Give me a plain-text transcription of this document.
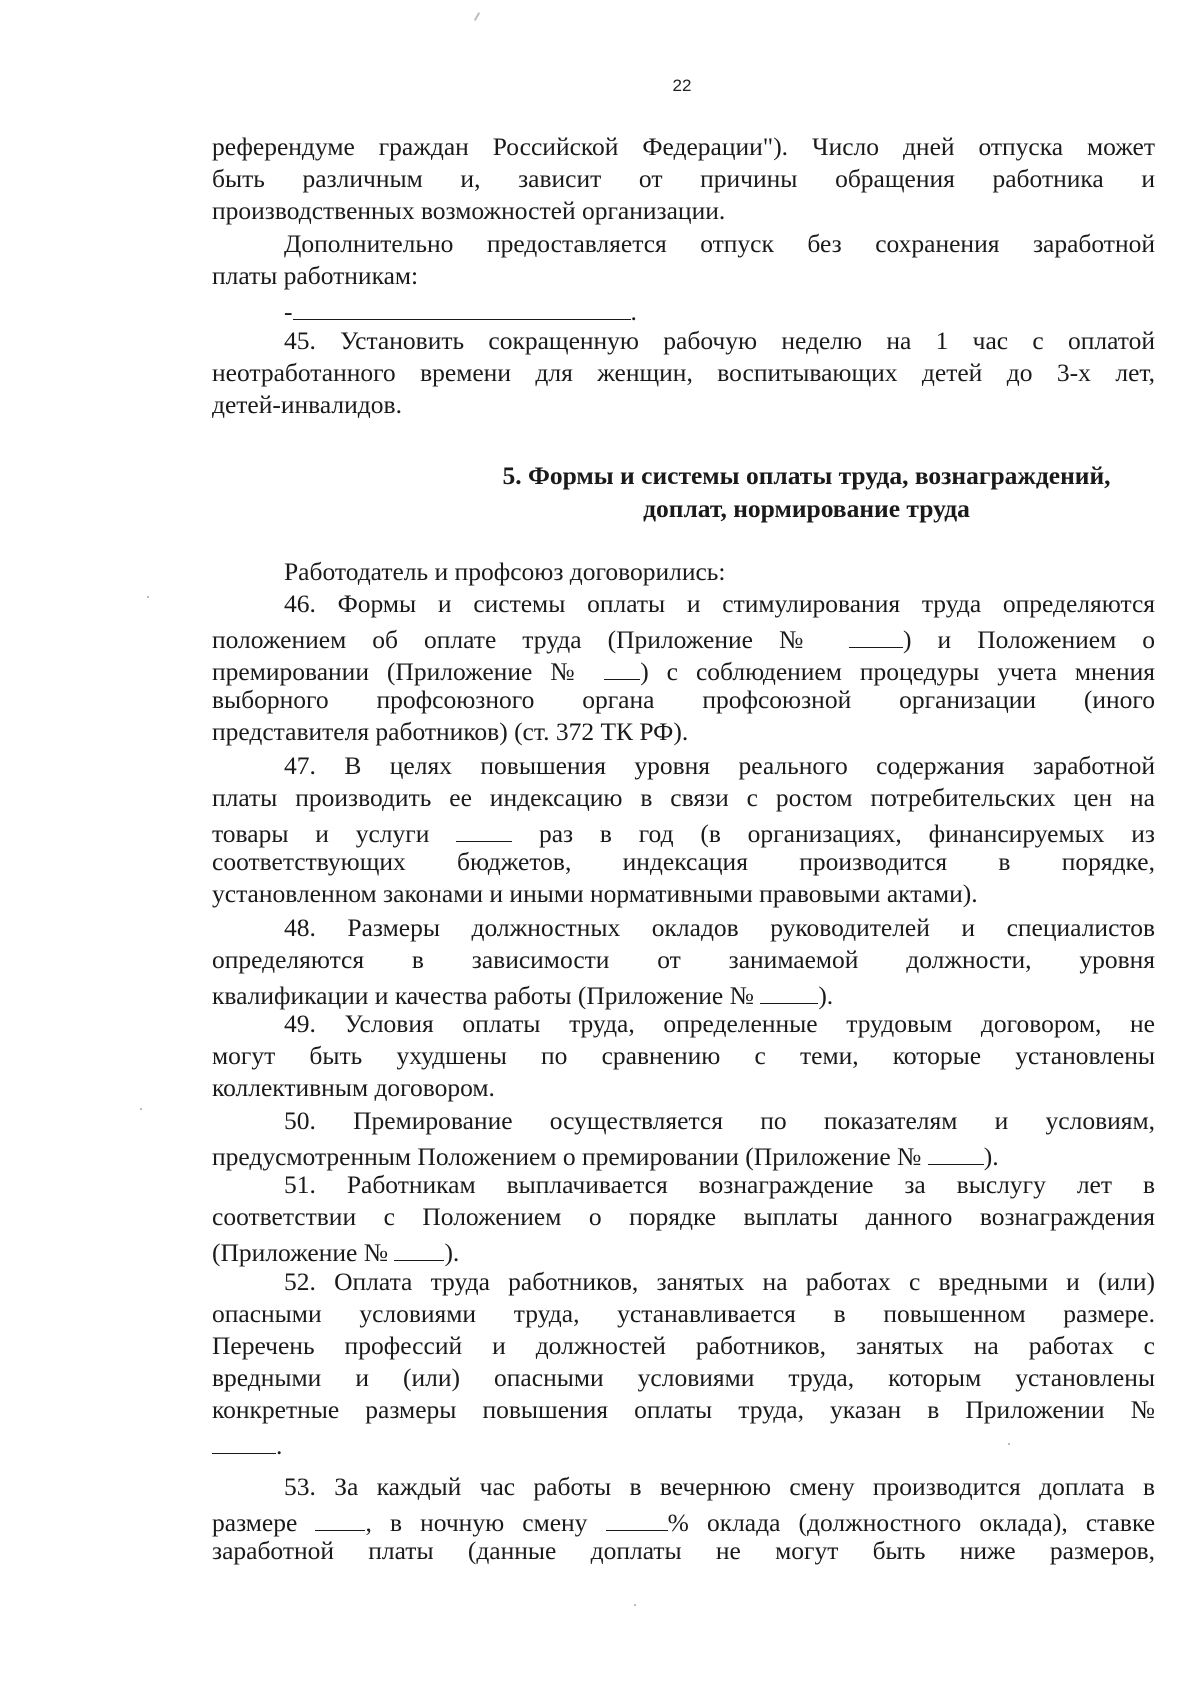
22
референдуме граждан Российской Федерации"). Число дней отпуска может
быть различным и, зависит от причины обращения работника и
производственных возможностей организации.
Дополнительно предоставляется отпуск без сохранения заработной
платы работникам:
-	.
45. Установить сокращенную рабочую неделю на 1 час с оплатой
неотработанного времени для женщин, воспитывающих детей до 3-х лет,
детей-инвалидов.
5. Формы и системы оплаты труда, вознаграждений,
доплат, нормирование труда
Работодатель и профсоюз договорились:
46. Формы и системы оплаты и стимулирования труда определяются
положением об оплате труда (Приложение №	) и Положением о
премировании (Приложение № ) с соблюдением процедуры учета мнения
выборного профсоюзного органа профсоюзной организации (иного
представителя работников) (ст. 372 ТК РФ).
47. В целях повышения уровня реального содержания заработной
платы производить ее индексацию в связи с ростом потребительских цен на
товары и услуги	раз в год (в организациях, финансируемых из
соответствующих бюджетов, индексация производится в порядке,
установленном законами и иными нормативными правовыми актами).
48. Размеры должностных окладов руководителей и специалистов
определяются в зависимости от занимаемой должности, уровня
квалификации и качества работы (Приложение №	).
49. Условия оплаты труда, определенные трудовым договором, не
могут быть ухудшены по сравнению с теми, которые установлены
коллективным договором.
50. Премирование осуществляется по показателям и условиям,
предусмотренным Положением о премировании (Приложение № ).
51. Работникам выплачивается вознаграждение за выслугу лет в
соответствии с Положением о порядке выплаты данного вознаграждения
(Приложение № ).
52. Оплата труда работников, занятых на работах с вредными и (или)
опасными условиями труда, устанавливается в повышенном размере.
Перечень профессий и должностей работников, занятых на работах с
вредными и (или) опасными условиями труда, которым установлены
конкретные размеры повышения оплаты труда, указан в Приложении №
.
53. За каждый час работы в вечернюю смену производится доплата в
размере	, в ночную смену	% оклада (должностного оклада), ставке
заработной платы (данные доплаты не могут быть ниже размеров,
